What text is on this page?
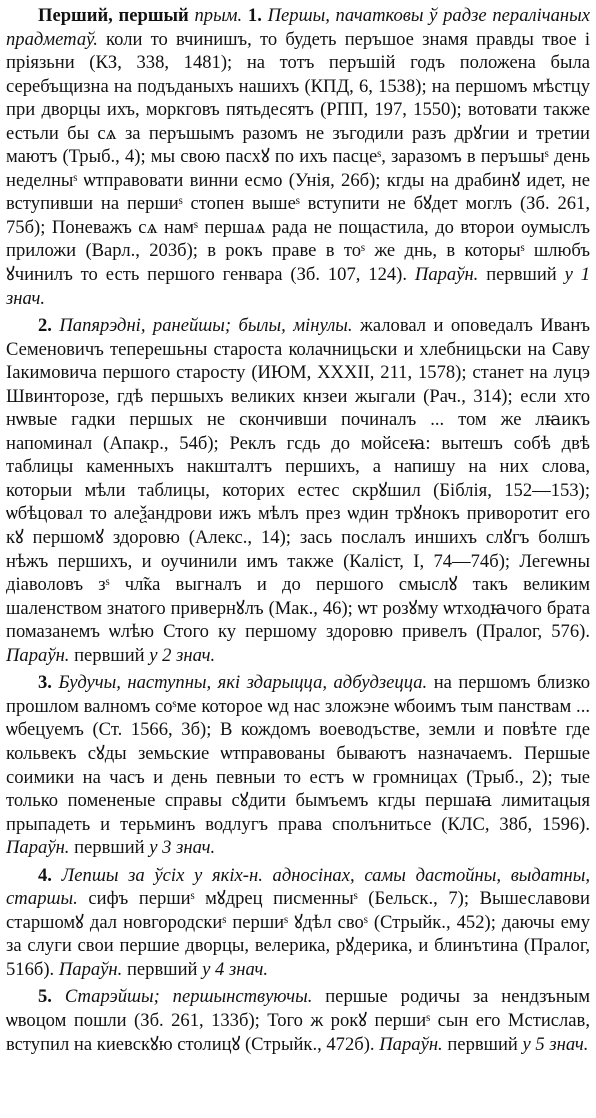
Перший, першый прым. 1. Першы, пачатковы ў радзе пералічаных прадметаў. коли то вчинишъ, то будеть перъшое знамя правды твое і пріязьни (КЗ, 338, 1481); на тотъ перъшій годъ положена была серебъщизна на подъданыхъ нашихъ (КПД, 6, 1538); на першомъ мѣстцу при дворцы ихъ, моркговъ пятьдесятъ (РПП, 197, 1550); вотовати также естьли бы сѧ за перъшымъ разомъ не зъгодили разъ дрꙋгии и третии маютъ (Трыб., 4); мы свою пасхꙋ по ихъ пасцеˢ, заразомъ в перъшыˢ день неделныˢ ѡтправовати винни есмо (Унія, 26б); кгды на драбинꙋ идет, не вступивши на першиˢ стопен вышеˢ вступити не бꙋдет моглъ (Зб. 261, 75б); Поневажъ сѧ намˢ першаѧ рада не пощастила, до второи оумыслъ приложи (Варл., 203б); в рокъ праве в тоˢ же днь, в которыˢ шлюбъ ꙋчинилъ то есть першого генвара (Зб. 107, 124). Параўн. первший у 1 знач.

2. Папярэдні, ранейшы; былы, мінулы. жаловал и оповедалъ Иванъ Семеновичъ теперешьны староста колачницьски и хлебницьски на Саву Іакимовича першого старосту (ИЮМ, XXXII, 211, 1578); станет на луцэ Швинторозе, гдѣ першыхъ великих кнзеи жыгали (Рач., 314); если хто нѡвые гадки першых не скончивши починалъ ... том же лꙗикъ напоминал (Апакр., 54б); Реклъ гсдь до мойсеꙗ: вытешъ собѣ двѣ таблицы каменныхъ накшталтъ першихъ, а напишу на них слова, которыи мѣли таблицы, которих естес скрꙋшил (Біблія, 152—153); ѡбѣцовал то алеѯандрови ижъ мѣлъ през ѡдин трꙋнокъ приворотит его кꙋ першомꙋ здоровю (Алекс., 14); зась послалъ иншихъ слꙋгъ болшъ нѣжъ першихъ, и оучинили имъ также (Каліст, I, 74—74б); Легеѡны діаволовъ зˢ чл̃ка выгналъ и до першого смыслꙋ такъ великим шаленством знатого привернꙋлъ (Мак., 46); ѡт розꙋму ѡтходꙗчого брата помазанемъ ѡлѣю Стого ку першому здоровю привелъ (Пралог, 576). Параўн. первший у 2 знач.

3. Будучы, наступны, які здарыцца, адбудзецца. на першомъ близко прошлом валномъ соˢме которое ѡд нас зложэне ѡбоимъ тым панствам ... ѡбецуемъ (Ст. 1566, 3б); В кождомъ воеводъстве, земли и повѣте где кольвекъ сꙋды земьские ѡтправованы бываютъ назначаемъ. Першые соимики на часъ и день певныи то естъ ѡ громницах (Трыб., 2); тые только помененые справы сꙋдити бымъемъ кгды першаꙗ лимитацыя прыпадеть и терьминъ водлугъ права сполънитьсе (КЛС, 38б, 1596). Параўн. первший у 3 знач.

4. Лепшы за ўсіх у якіх-н. адносінах, самы дастойны, выдатны, старшы. сифъ першиˢ мꙋдрец писменныˢ (Бельск., 7); Вышеславови старшомꙋ дал новгородскиˢ першиˢ ꙋдѣл своˢ (Стрыйк., 452); даючы ему за слуги свои першие дворцы, велерика, рꙋдерика, и блинътина (Пралог, 516б). Параўн. первший у 4 знач.

5. Старэйшы; першынствуючы. першые родичы за нендзъным ѡвоцом пошли (Зб. 261, 133б); Того ж рокꙋ першиˢ сын его Мстислав, вступил на киевскꙋю столицꙋ (Стрыйк., 472б). Параўн. первший у 5 знач.
